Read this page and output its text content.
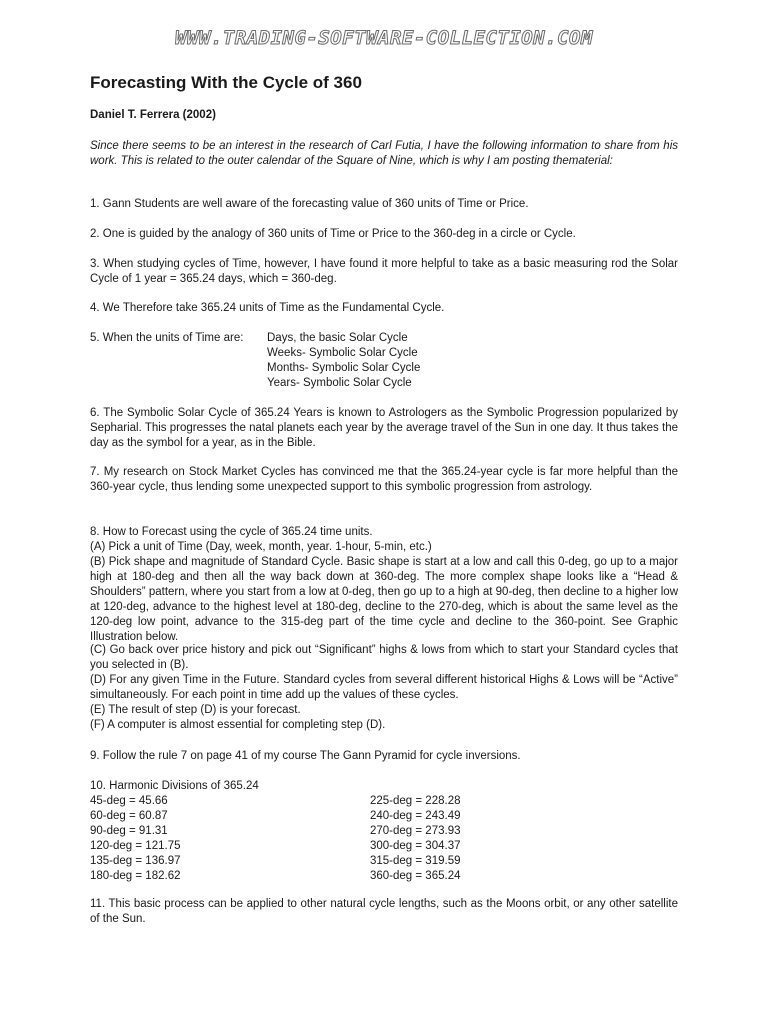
WWW.TRADING-SOFTWARE-COLLECTION.COM
Forecasting With the Cycle of 360

Daniel T. Ferrera (2002)

Since there seems to be an interest in the research of Carl Futia, I have the following information to share from his work. This is related to the outer calendar of the Square of Nine, which is why I am posting thematerial:

1. Gann Students are well aware of the forecasting value of 360 units of Time or Price.

2. One is guided by the analogy of 360 units of Time or Price to the 360-deg in a circle or Cycle.

3. When studying cycles of Time, however, I have found it more helpful to take as a basic measuring rod the Solar Cycle of 1 year = 365.24 days, which = 360-deg.

4. We Therefore take 365.24 units of Time as the Fundamental Cycle.

5. When the units of Time are: Days, the basic Solar Cycle
Weeks- Symbolic Solar Cycle
Months- Symbolic Solar Cycle
Years- Symbolic Solar Cycle

6. The Symbolic Solar Cycle of 365.24 Years is known to Astrologers as the Symbolic Progression popularized by Sepharial. This progresses the natal planets each year by the average travel of the Sun in one day. It thus takes the day as the symbol for a year, as in the Bible.

7. My research on Stock Market Cycles has convinced me that the 365.24-year cycle is far more helpful than the 360-year cycle, thus lending some unexpected support to this symbolic progression from astrology.

8. How to Forecast using the cycle of 365.24 time units.

(A) Pick a unit of Time (Day, week, month, year. 1-hour, 5-min, etc.)

(B) Pick shape and magnitude of Standard Cycle. Basic shape is start at a low and call this 0-deg, go up to a major high at 180-deg and then all the way back down at 360-deg. The more complex shape looks like a “Head & Shoulders” pattern, where you start from a low at 0-deg, then go up to a high at 90-deg, then decline to a higher low at 120-deg, advance to the highest level at 180-deg, decline to the 270-deg, which is about the same level as the 120-deg low point, advance to the 315-deg part of the time cycle and decline to the 360-point. See Graphic Illustration below.

(C) Go back over price history and pick out “Significant” highs & lows from which to start your Standard cycles that you selected in (B).

(D) For any given Time in the Future. Standard cycles from several different historical Highs & Lows will be “Active” simultaneously. For each point in time add up the values of these cycles.

(E) The result of step (D) is your forecast.

(F) A computer is almost essential for completing step (D).

9. Follow the rule 7 on page 41 of my course The Gann Pyramid for cycle inversions.

10. Harmonic Divisions of 365.24
45-deg = 45.66
60-deg = 60.87
90-deg = 91.31
120-deg = 121.75
135-deg = 136.97
180-deg = 182.62
225-deg = 228.28
240-deg = 243.49
270-deg = 273.93
300-deg = 304.37
315-deg = 319.59
360-deg = 365.24

11. This basic process can be applied to other natural cycle lengths, such as the Moons orbit, or any other satellite of the Sun.
